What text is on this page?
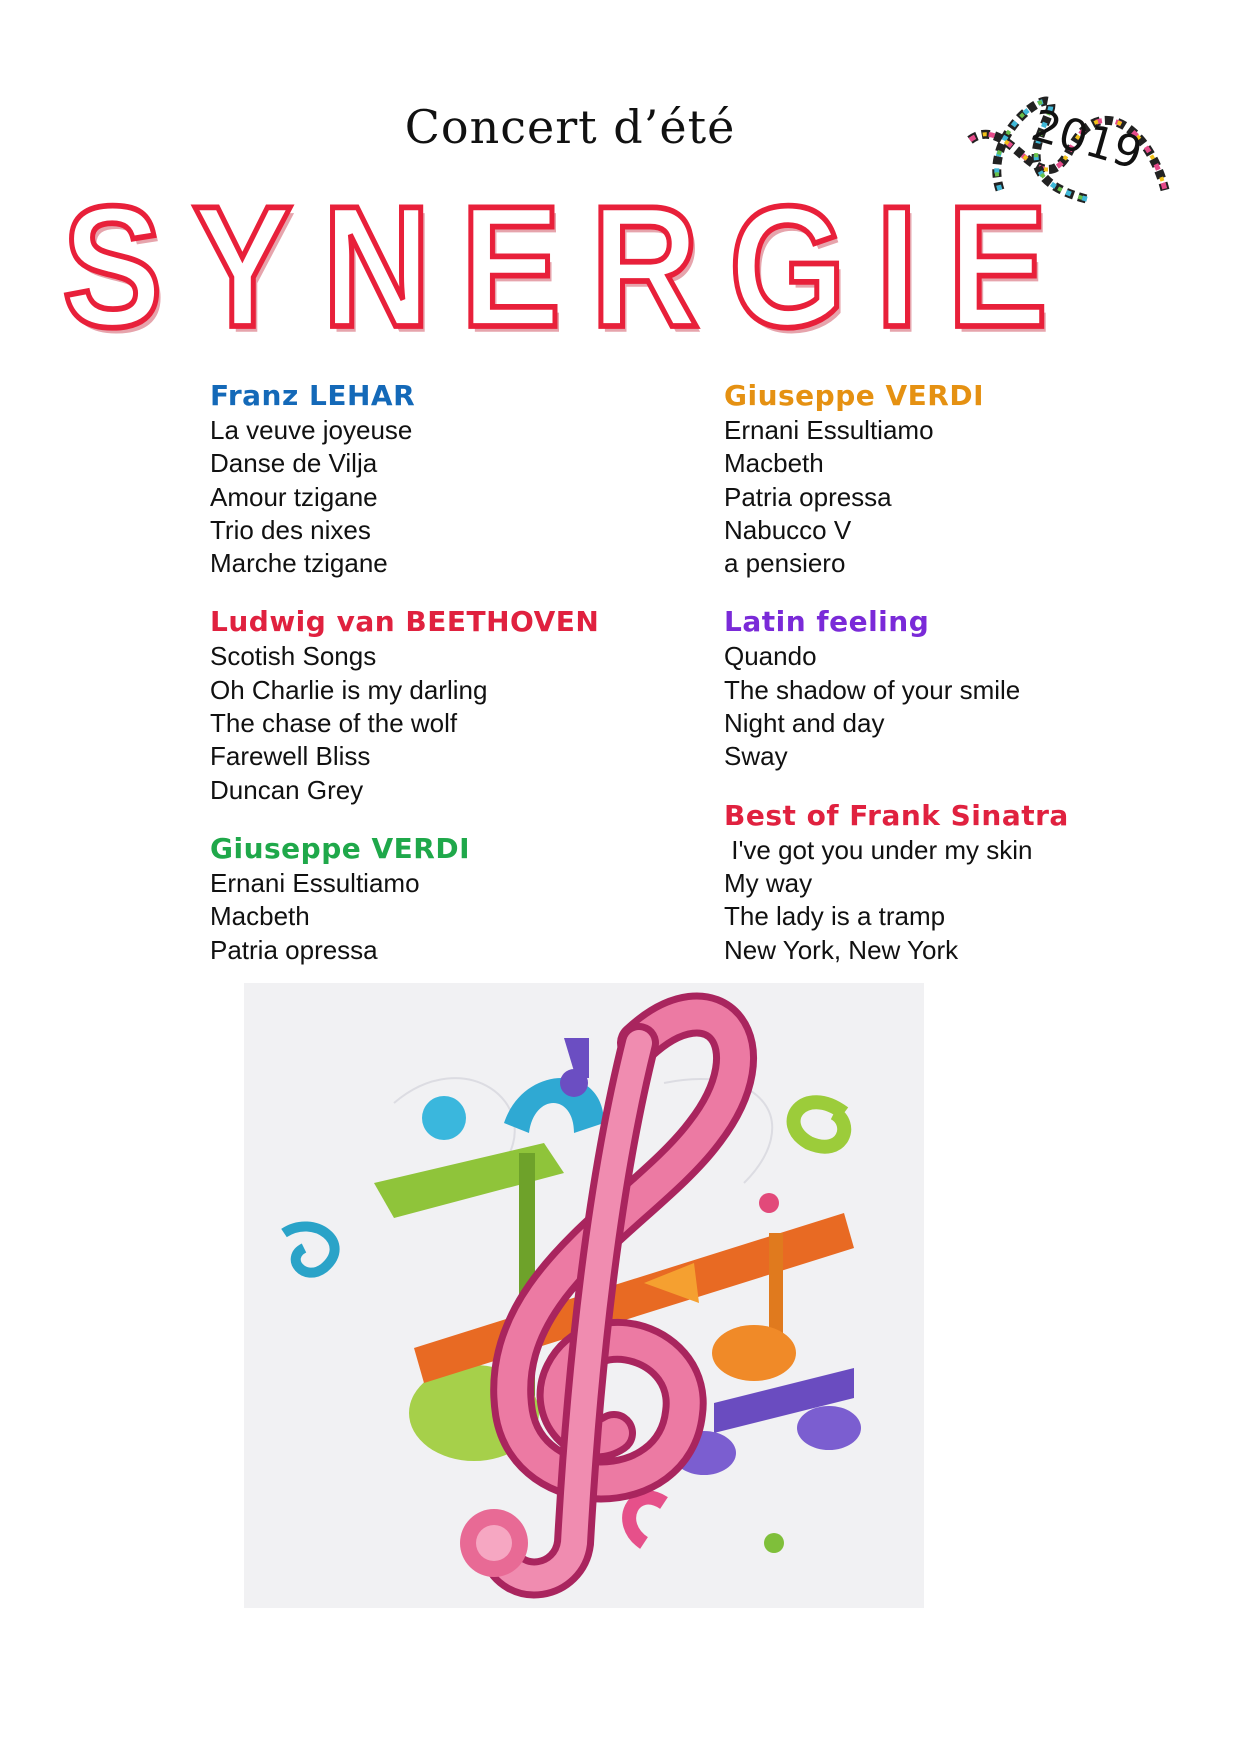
Concert d’été
SYNERGIE
2019
Franz LEHAR
La veuve joyeuse
Danse de Vilja
Amour tzigane
Trio des nixes
Marche tzigane
Ludwig van BEETHOVEN
Scotish Songs
Oh Charlie is my darling
The chase of the wolf
Farewell Bliss
Duncan Grey
Giuseppe VERDI
Ernani Essultiamo
Macbeth
Patria opressa
Giuseppe VERDI
Ernani Essultiamo
Macbeth
Patria opressa
Nabucco V
a pensiero
Latin feeling
Quando
The shadow of your smile
Night and day
Sway
Best of Frank Sinatra
I've got you under my skin
My way
The lady is a tramp
New York, New York
